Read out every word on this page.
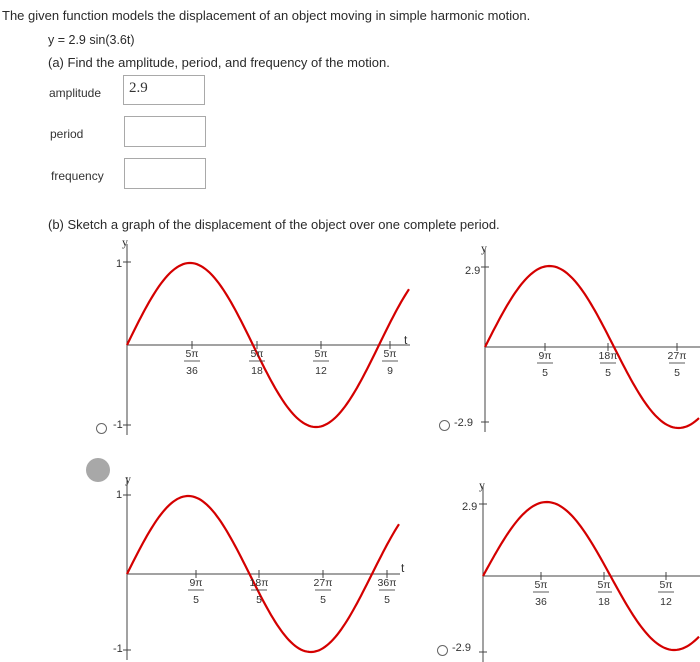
The given function models the displacement of an object moving in simple harmonic motion.
y = 2.9 sin(3.6t)
(a) Find the amplitude, period, and frequency of the motion.
amplitude	2.9
period
frequency
(b) Sketch a graph of the displacement of the object over one complete period.
y
1
-1
t
5π
36
5π
18
5π
12
5π
9
y
2.9
-2.9
9π
5
18π
5
27π
5
y
1
-1
t
9π
5
18π
5
27π
5
36π
5
y
2.9
-2.9
5π
36
5π
18
5π
12
